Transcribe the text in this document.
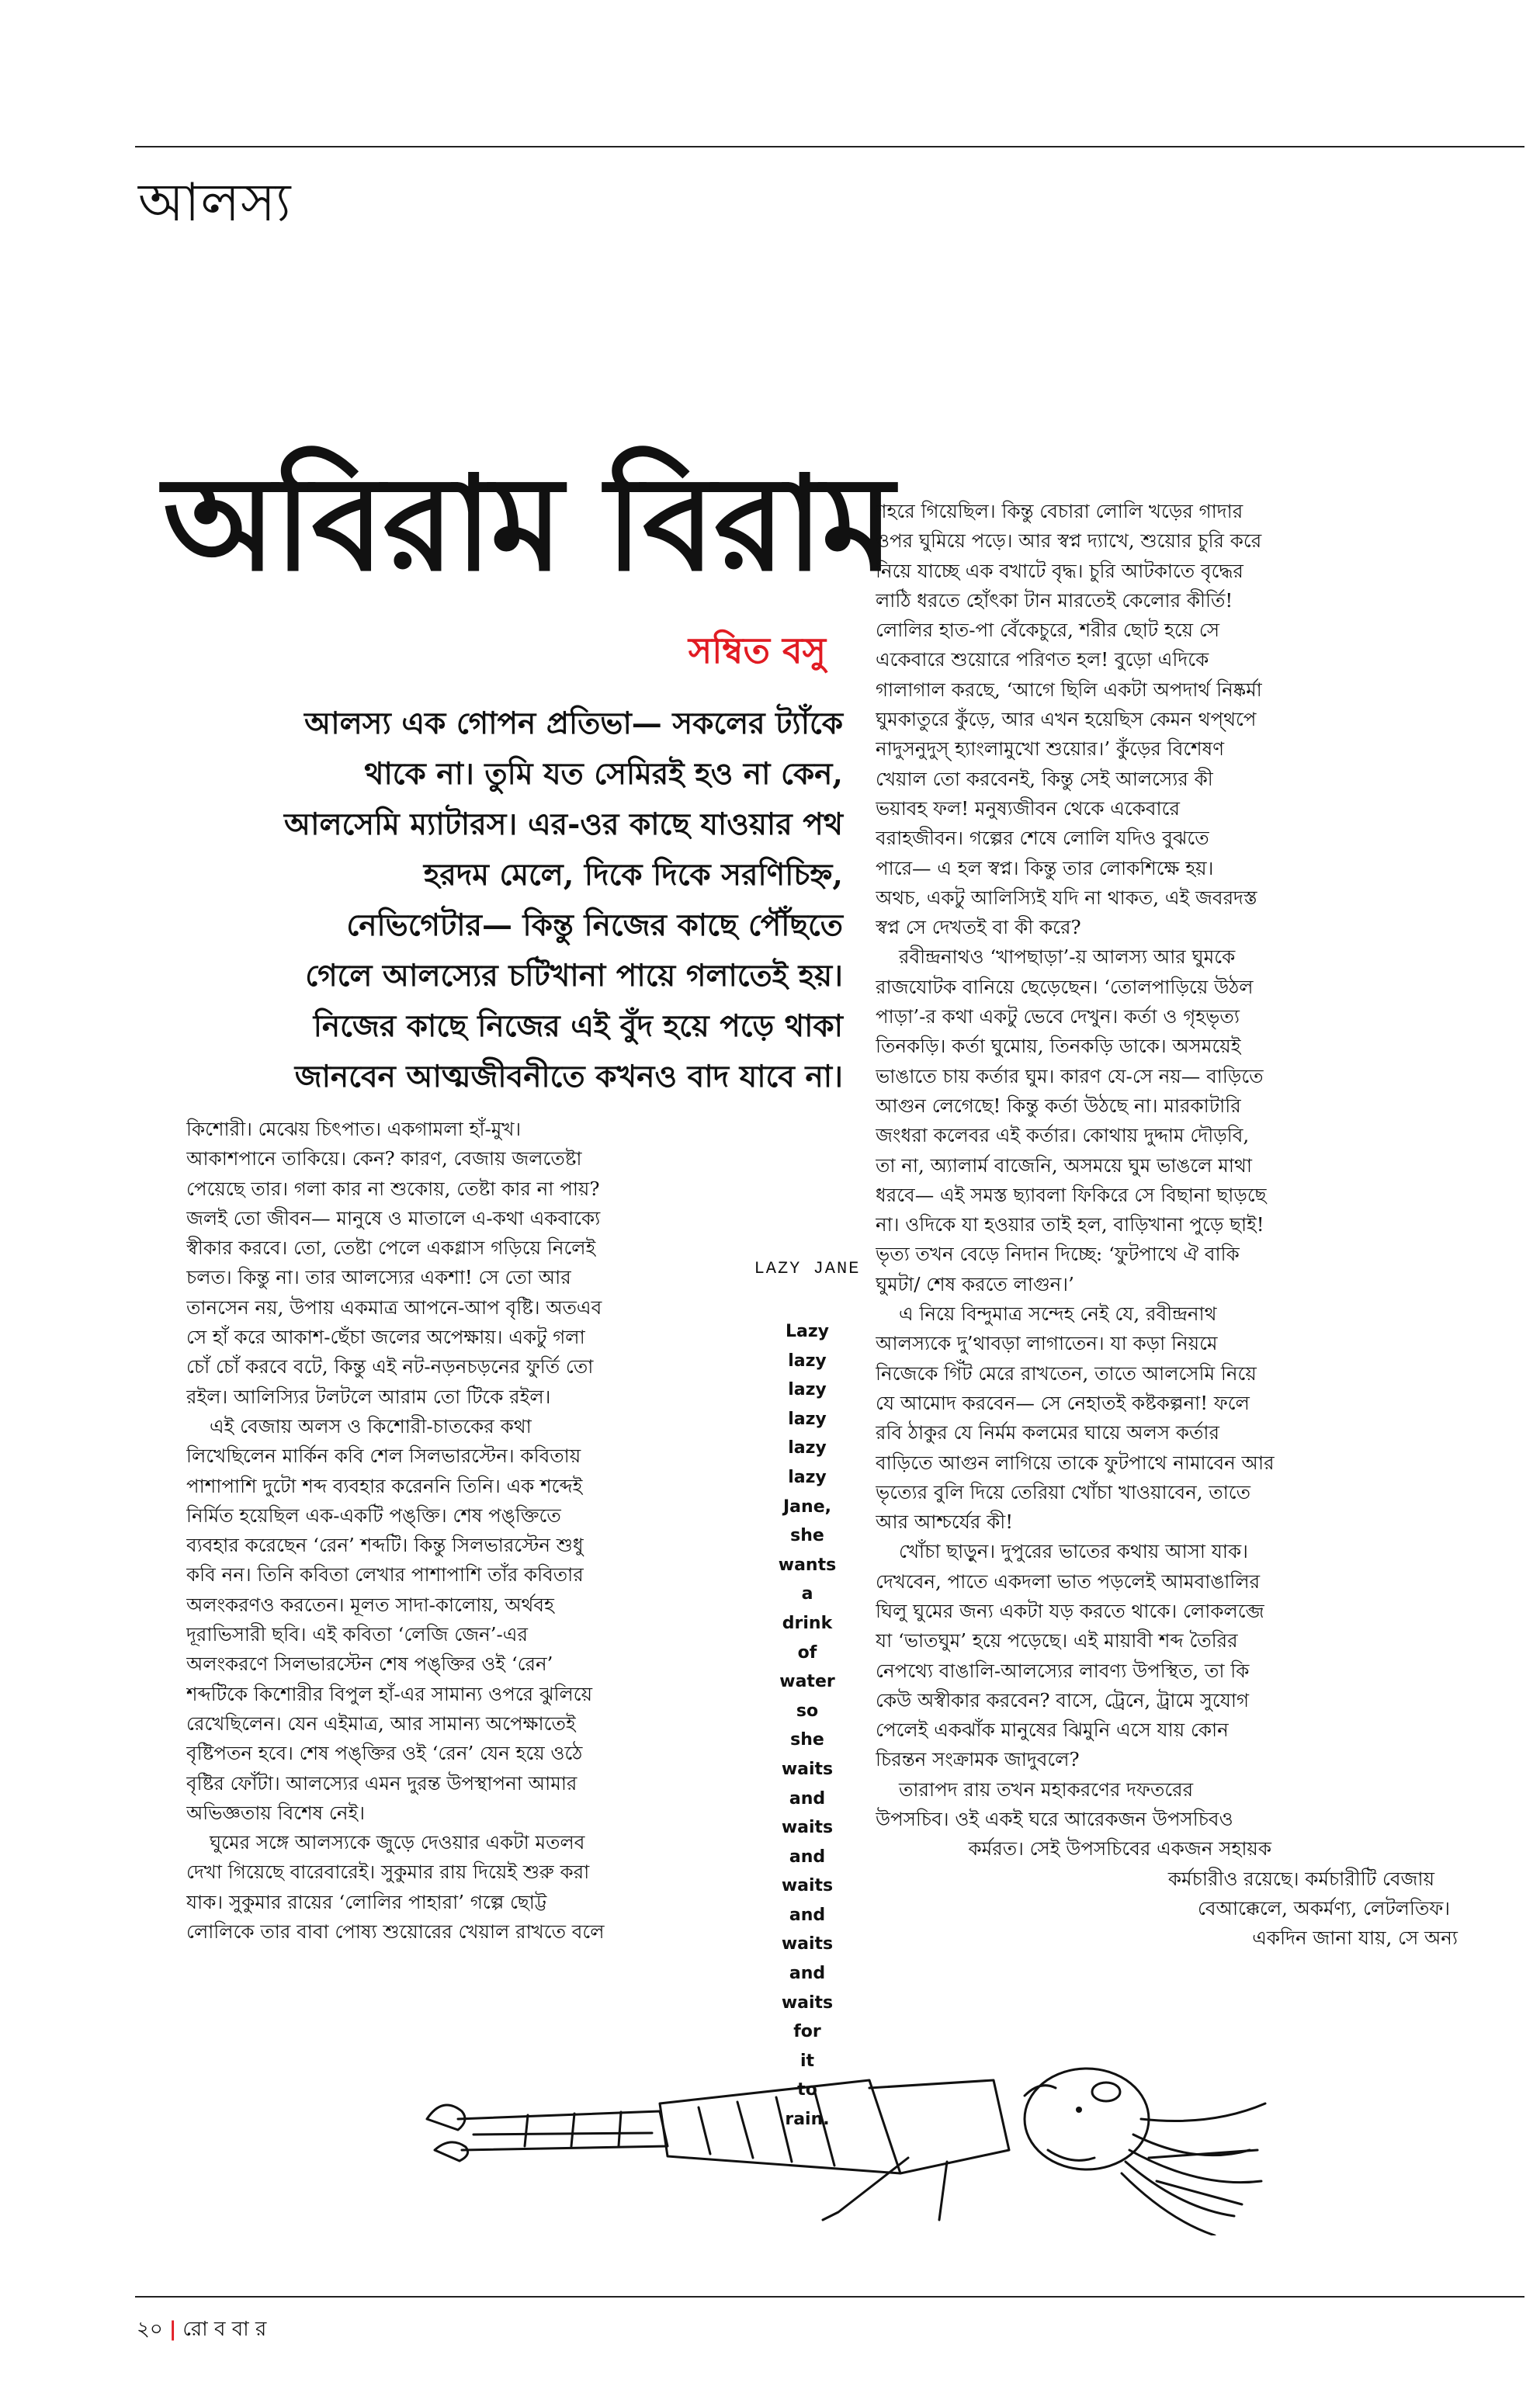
আলস্য
অবিরাম বিরাম
সম্বিত বসু
আলস্য এক গোপন প্রতিভা— সকলের ট্যাঁকে
থাকে না। তুমি যত সেমিরই হও না কেন,
আলসেমি ম্যাটারস। এর-ওর কাছে যাওয়ার পথ
হরদম মেলে, দিকে দিকে সরণিচিহ্ন,
নেভিগেটার— কিন্তু নিজের কাছে পৌঁছতে
গেলে আলস্যের চটিখানা পায়ে গলাতেই হয়।
নিজের কাছে নিজের এই বুঁদ হয়ে পড়ে থাকা
জানবেন আত্মজীবনীতে কখনও বাদ যাবে না।
কিশোরী। মেঝেয় চিৎপাত। একগামলা হাঁ-মুখ।
আকাশপানে তাকিয়ে। কেন? কারণ, বেজায় জলতেষ্টা
পেয়েছে তার। গলা কার না শুকোয়, তেষ্টা কার না পায়?
জলই তো জীবন— মানুষে ও মাতালে এ-কথা একবাক্যে
স্বীকার করবে। তো, তেষ্টা পেলে একগ্লাস গড়িয়ে নিলেই
চলত। কিন্তু না। তার আলস্যের একশা! সে তো আর
তানসেন নয়, উপায় একমাত্র আপনে-আপ বৃষ্টি। অতএব
সে হাঁ করে আকাশ-ছেঁচা জলের অপেক্ষায়। একটু গলা
চোঁ চোঁ করবে বটে, কিন্তু এই নট-নড়নচড়নের ফুর্তি তো
রইল। আলিস্যির টলটলে আরাম তো টিকে রইল।
এই বেজায় অলস ও কিশোরী-চাতকের কথা
লিখেছিলেন মার্কিন কবি শেল সিলভারস্টেন। কবিতায়
পাশাপাশি দুটো শব্দ ব্যবহার করেননি তিনি। এক শব্দেই
নির্মিত হয়েছিল এক-একটি পঙ্‌ক্তি। শেষ পঙ্‌ক্তিতে
ব্যবহার করেছেন ‘রেন’ শব্দটি। কিন্তু সিলভারস্টেন শুধু
কবি নন। তিনি কবিতা লেখার পাশাপাশি তাঁর কবিতার
অলংকরণও করতেন। মূলত সাদা-কালোয়, অর্থবহ
দূরাভিসারী ছবি। এই কবিতা ‘লেজি জেন’-এর
অলংকরণে সিলভারস্টেন শেষ পঙ্‌ক্তির ওই ‘রেন’
শব্দটিকে কিশোরীর বিপুল হাঁ-এর সামান্য ওপরে ঝুলিয়ে
রেখেছিলেন। যেন এইমাত্র, আর সামান্য অপেক্ষাতেই
বৃষ্টিপতন হবে। শেষ পঙ্‌ক্তির ওই ‘রেন’ যেন হয়ে ওঠে
বৃষ্টির ফোঁটা। আলস্যের এমন দুরন্ত উপস্থাপনা আমার
অভিজ্ঞতায় বিশেষ নেই।
ঘুমের সঙ্গে আলস্যকে জুড়ে দেওয়ার একটা মতলব
দেখা গিয়েছে বারেবারেই। সুকুমার রায় দিয়েই শুরু করা
যাক। সুকুমার রায়ের ‘লোলির পাহারা’ গল্পে ছোট্ট
লোলিকে তার বাবা পোষ্য শুয়োরের খেয়াল রাখতে বলে
LAZY JANE
Lazy
lazy
lazy
lazy
lazy
lazy
Jane,
she
wants
a
drink
of
water
so
she
waits
and
waits
and
waits
and
waits
and
waits
for
it
to
rain.
শহরে গিয়েছিল। কিন্তু বেচারা লোলি খড়ের গাদার
ওপর ঘুমিয়ে পড়ে। আর স্বপ্ন দ্যাখে, শুয়োর চুরি করে
নিয়ে যাচ্ছে এক বখাটে বৃদ্ধ। চুরি আটকাতে বৃদ্ধের
লাঠি ধরতে হোঁৎকা টান মারতেই কেলোর কীর্তি!
লোলির হাত-পা বেঁকেচুরে, শরীর ছোট হয়ে সে
একেবারে শুয়োরে পরিণত হল! বুড়ো এদিকে
গালাগাল করছে, ‘আগে ছিলি একটা অপদার্থ নিষ্কর্মা
ঘুমকাতুরে কুঁড়ে, আর এখন হয়েছিস কেমন থপ্‌থপে
নাদুসনুদুস্‌ হ্যাংলামুখো শুয়োর।’ কুঁড়ের বিশেষণ
খেয়াল তো করবেনই, কিন্তু সেই আলস্যের কী
ভয়াবহ ফল! মনুষ্যজীবন থেকে একেবারে
বরাহজীবন। গল্পের শেষে লোলি যদিও বুঝতে
পারে— এ হল স্বপ্ন। কিন্তু তার লোকশিক্ষে হয়।
অথচ, একটু আলিস্যিই যদি না থাকত, এই জবরদস্ত
স্বপ্ন সে দেখতই বা কী করে?
রবীন্দ্রনাথও ‘খাপছাড়া’-য় আলস্য আর ঘুমকে
রাজযোটক বানিয়ে ছেড়েছেন। ‘তোলপাড়িয়ে উঠল
পাড়া’-র কথা একটু ভেবে দেখুন। কর্তা ও গৃহভৃত্য
তিনকড়ি। কর্তা ঘুমোয়, তিনকড়ি ডাকে। অসময়েই
ভাঙাতে চায় কর্তার ঘুম। কারণ যে-সে নয়— বাড়িতে
আগুন লেগেছে! কিন্তু কর্তা উঠছে না। মারকাটারি
জংধরা কলেবর এই কর্তার। কোথায় দুদ্দাম দৌড়বি,
তা না, অ্যালার্ম বাজেনি, অসময়ে ঘুম ভাঙলে মাথা
ধরবে— এই সমস্ত ছ্যাবলা ফিকিরে সে বিছানা ছাড়ছে
না। ওদিকে যা হওয়ার তাই হল, বাড়িখানা পুড়ে ছাই!
ভৃত্য তখন বেড়ে নিদান দিচ্ছে: ‘ফুটপাথে ঐ বাকি
ঘুমটা/ শেষ করতে লাগুন।’
এ নিয়ে বিন্দুমাত্র সন্দেহ নেই যে, রবীন্দ্রনাথ
আলস্যকে দু’থাবড়া লাগাতেন। যা কড়া নিয়মে
নিজেকে গিঁট মেরে রাখতেন, তাতে আলসেমি নিয়ে
যে আমোদ করবেন— সে নেহাতই কষ্টকল্পনা! ফলে
রবি ঠাকুর যে নির্মম কলমের ঘায়ে অলস কর্তার
বাড়িতে আগুন লাগিয়ে তাকে ফুটপাথে নামাবেন আর
ভৃত্যের বুলি দিয়ে তেরিয়া খোঁচা খাওয়াবেন, তাতে
আর আশ্চর্যের কী!
খোঁচা ছাড়ুন। দুপুরের ভাতের কথায় আসা যাক।
দেখবেন, পাতে একদলা ভাত পড়লেই আমবাঙালির
ঘিলু ঘুমের জন্য একটা যড় করতে থাকে। লোকলব্জে
যা ‘ভাতঘুম’ হয়ে পড়েছে। এই মায়াবী শব্দ তৈরির
নেপথ্যে বাঙালি-আলস্যের লাবণ্য উপস্থিত, তা কি
কেউ অস্বীকার করবেন? বাসে, ট্রেনে, ট্রামে সুযোগ
পেলেই একঝাঁক মানুষের ঝিমুনি এসে যায় কোন
চিরন্তন সংক্রামক জাদুবলে?
তারাপদ রায় তখন মহাকরণের দফতরের
উপসচিব। ওই একই ঘরে আরেকজন উপসচিবও
কর্মরত। সেই উপসচিবের একজন সহায়ক
কর্মচারীও রয়েছে। কর্মচারীটি বেজায়
বেআক্কেলে, অকর্মণ্য, লেটলতিফ।
একদিন জানা যায়, সে অন্য
২০ | রো ব বা র
